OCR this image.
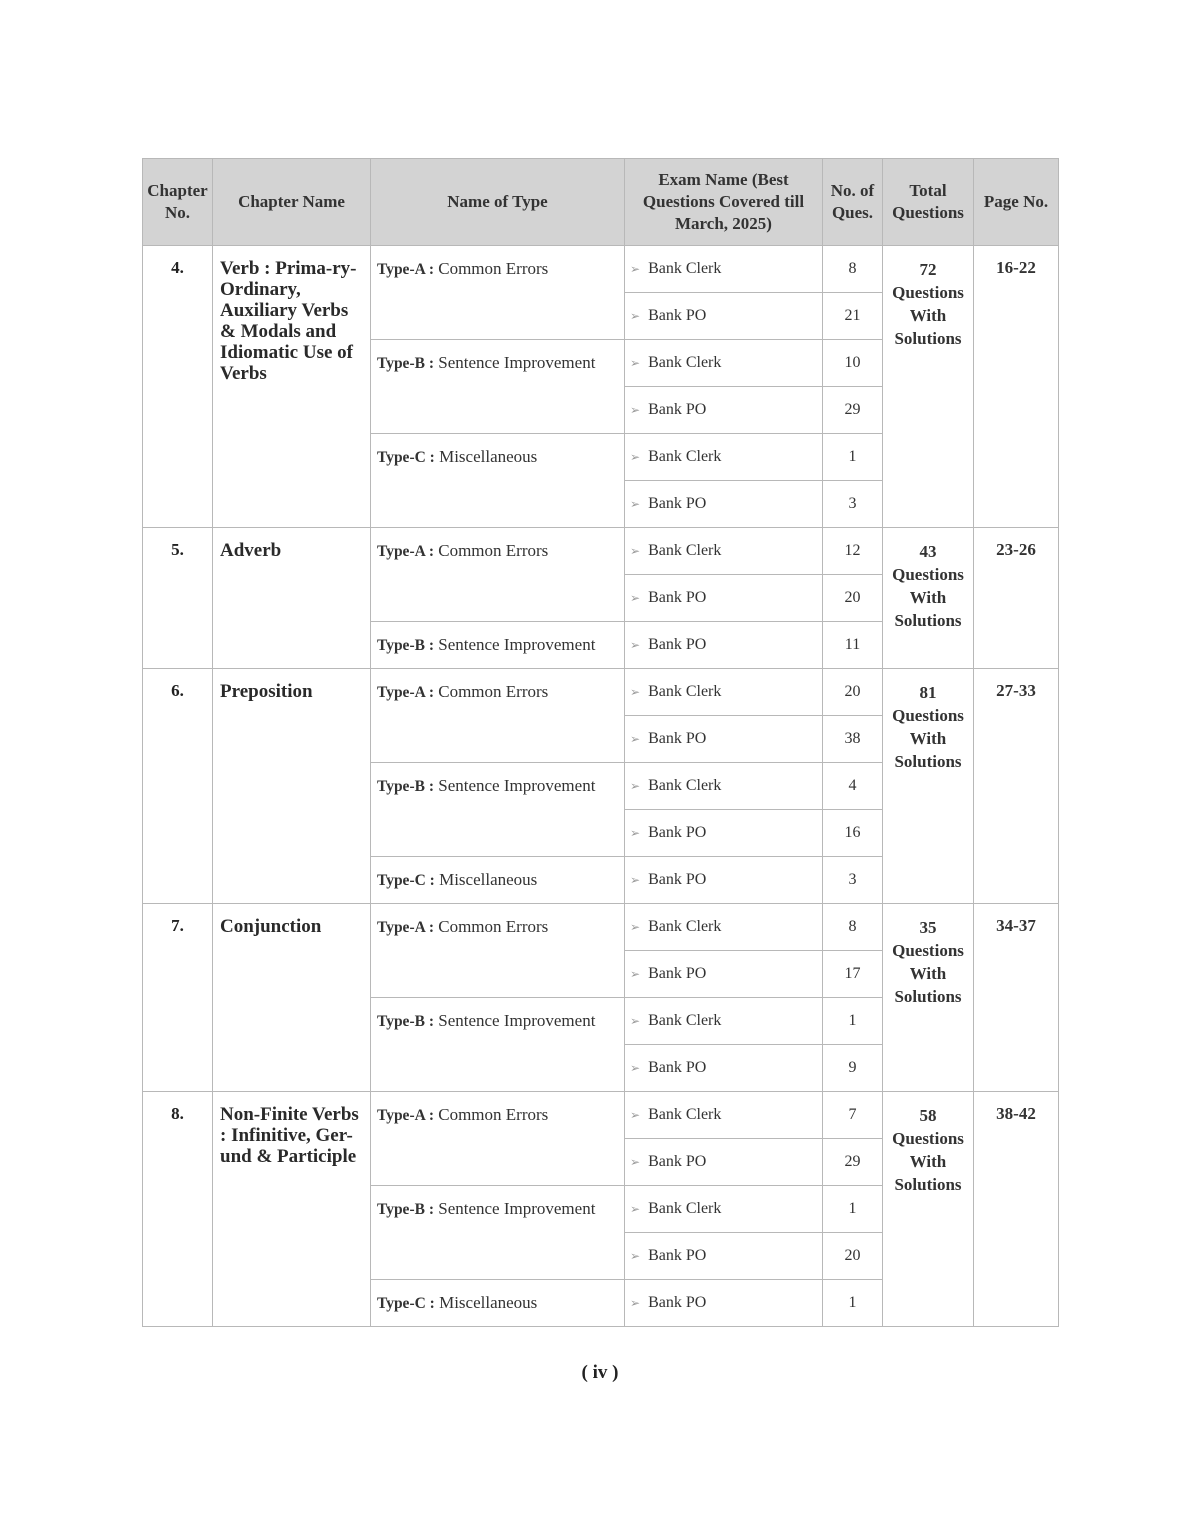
Chapter No.	Chapter Name	Name of Type	Exam Name (Best Questions Covered till March, 2025)	No. of Ques.	Total Questions	Page No.
4.	Verb : Prima-ry-Ordinary, Auxiliary Verbs & Modals and Idiomatic Use of Verbs	Type-A : Common Errors	➢ Bank Clerk	8	72 Questions With Solutions	16-22
			➢ Bank PO	21		
		Type-B : Sentence Improvement	➢ Bank Clerk	10		
			➢ Bank PO	29		
		Type-C : Miscellaneous	➢ Bank Clerk	1		
			➢ Bank PO	3		
5.	Adverb	Type-A : Common Errors	➢ Bank Clerk	12	43 Questions With Solutions	23-26
			➢ Bank PO	20		
		Type-B : Sentence Improvement	➢ Bank PO	11		
6.	Preposition	Type-A : Common Errors	➢ Bank Clerk	20	81 Questions With Solutions	27-33
			➢ Bank PO	38		
		Type-B : Sentence Improvement	➢ Bank Clerk	4		
			➢ Bank PO	16		
		Type-C : Miscellaneous	➢ Bank PO	3		
7.	Conjunction	Type-A : Common Errors	➢ Bank Clerk	8	35 Questions With Solutions	34-37
			➢ Bank PO	17		
		Type-B : Sentence Improvement	➢ Bank Clerk	1		
			➢ Bank PO	9		
8.	Non-Finite Verbs : Infinitive, Ger-und & Participle	Type-A : Common Errors	➢ Bank Clerk	7	58 Questions With Solutions	38-42
			➢ Bank PO	29		
		Type-B : Sentence Improvement	➢ Bank Clerk	1		
			➢ Bank PO	20		
		Type-C : Miscellaneous	➢ Bank PO	1		
( iv )
